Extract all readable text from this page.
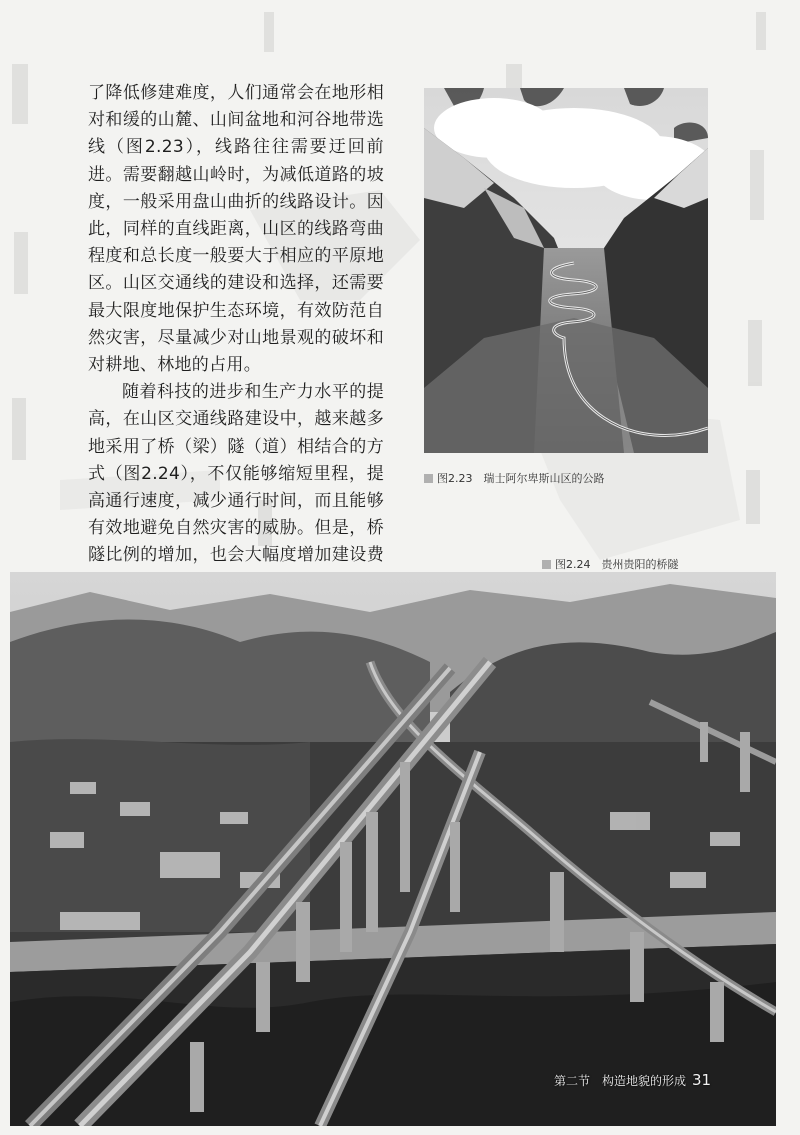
了降低修建难度，人们通常会在地形相对和缓的山麓、山间盆地和河谷地带选线（图2.23），线路往往需要迂回前进。需要翻越山岭时，为减低道路的坡度，一般采用盘山曲折的线路设计。因此，同样的直线距离，山区的线路弯曲程度和总长度一般要大于相应的平原地区。山区交通线的建设和选择，还需要最大限度地保护生态环境，有效防范自然灾害，尽量减少对山地景观的破坏和对耕地、林地的占用。

随着科技的进步和生产力水平的提高，在山区交通线路建设中，越来越多地采用了桥（梁）隧（道）相结合的方式（图2.24），不仅能够缩短里程，提高通行速度，减少通行时间，而且能够有效地避免自然灾害的威胁。但是，桥隧比例的增加，也会大幅度增加建设费

图2.23　 瑞士阿尔卑斯山区的公路
图2.24　 贵州贵阳的桥隧
第二节　构造地貌的形成 31
